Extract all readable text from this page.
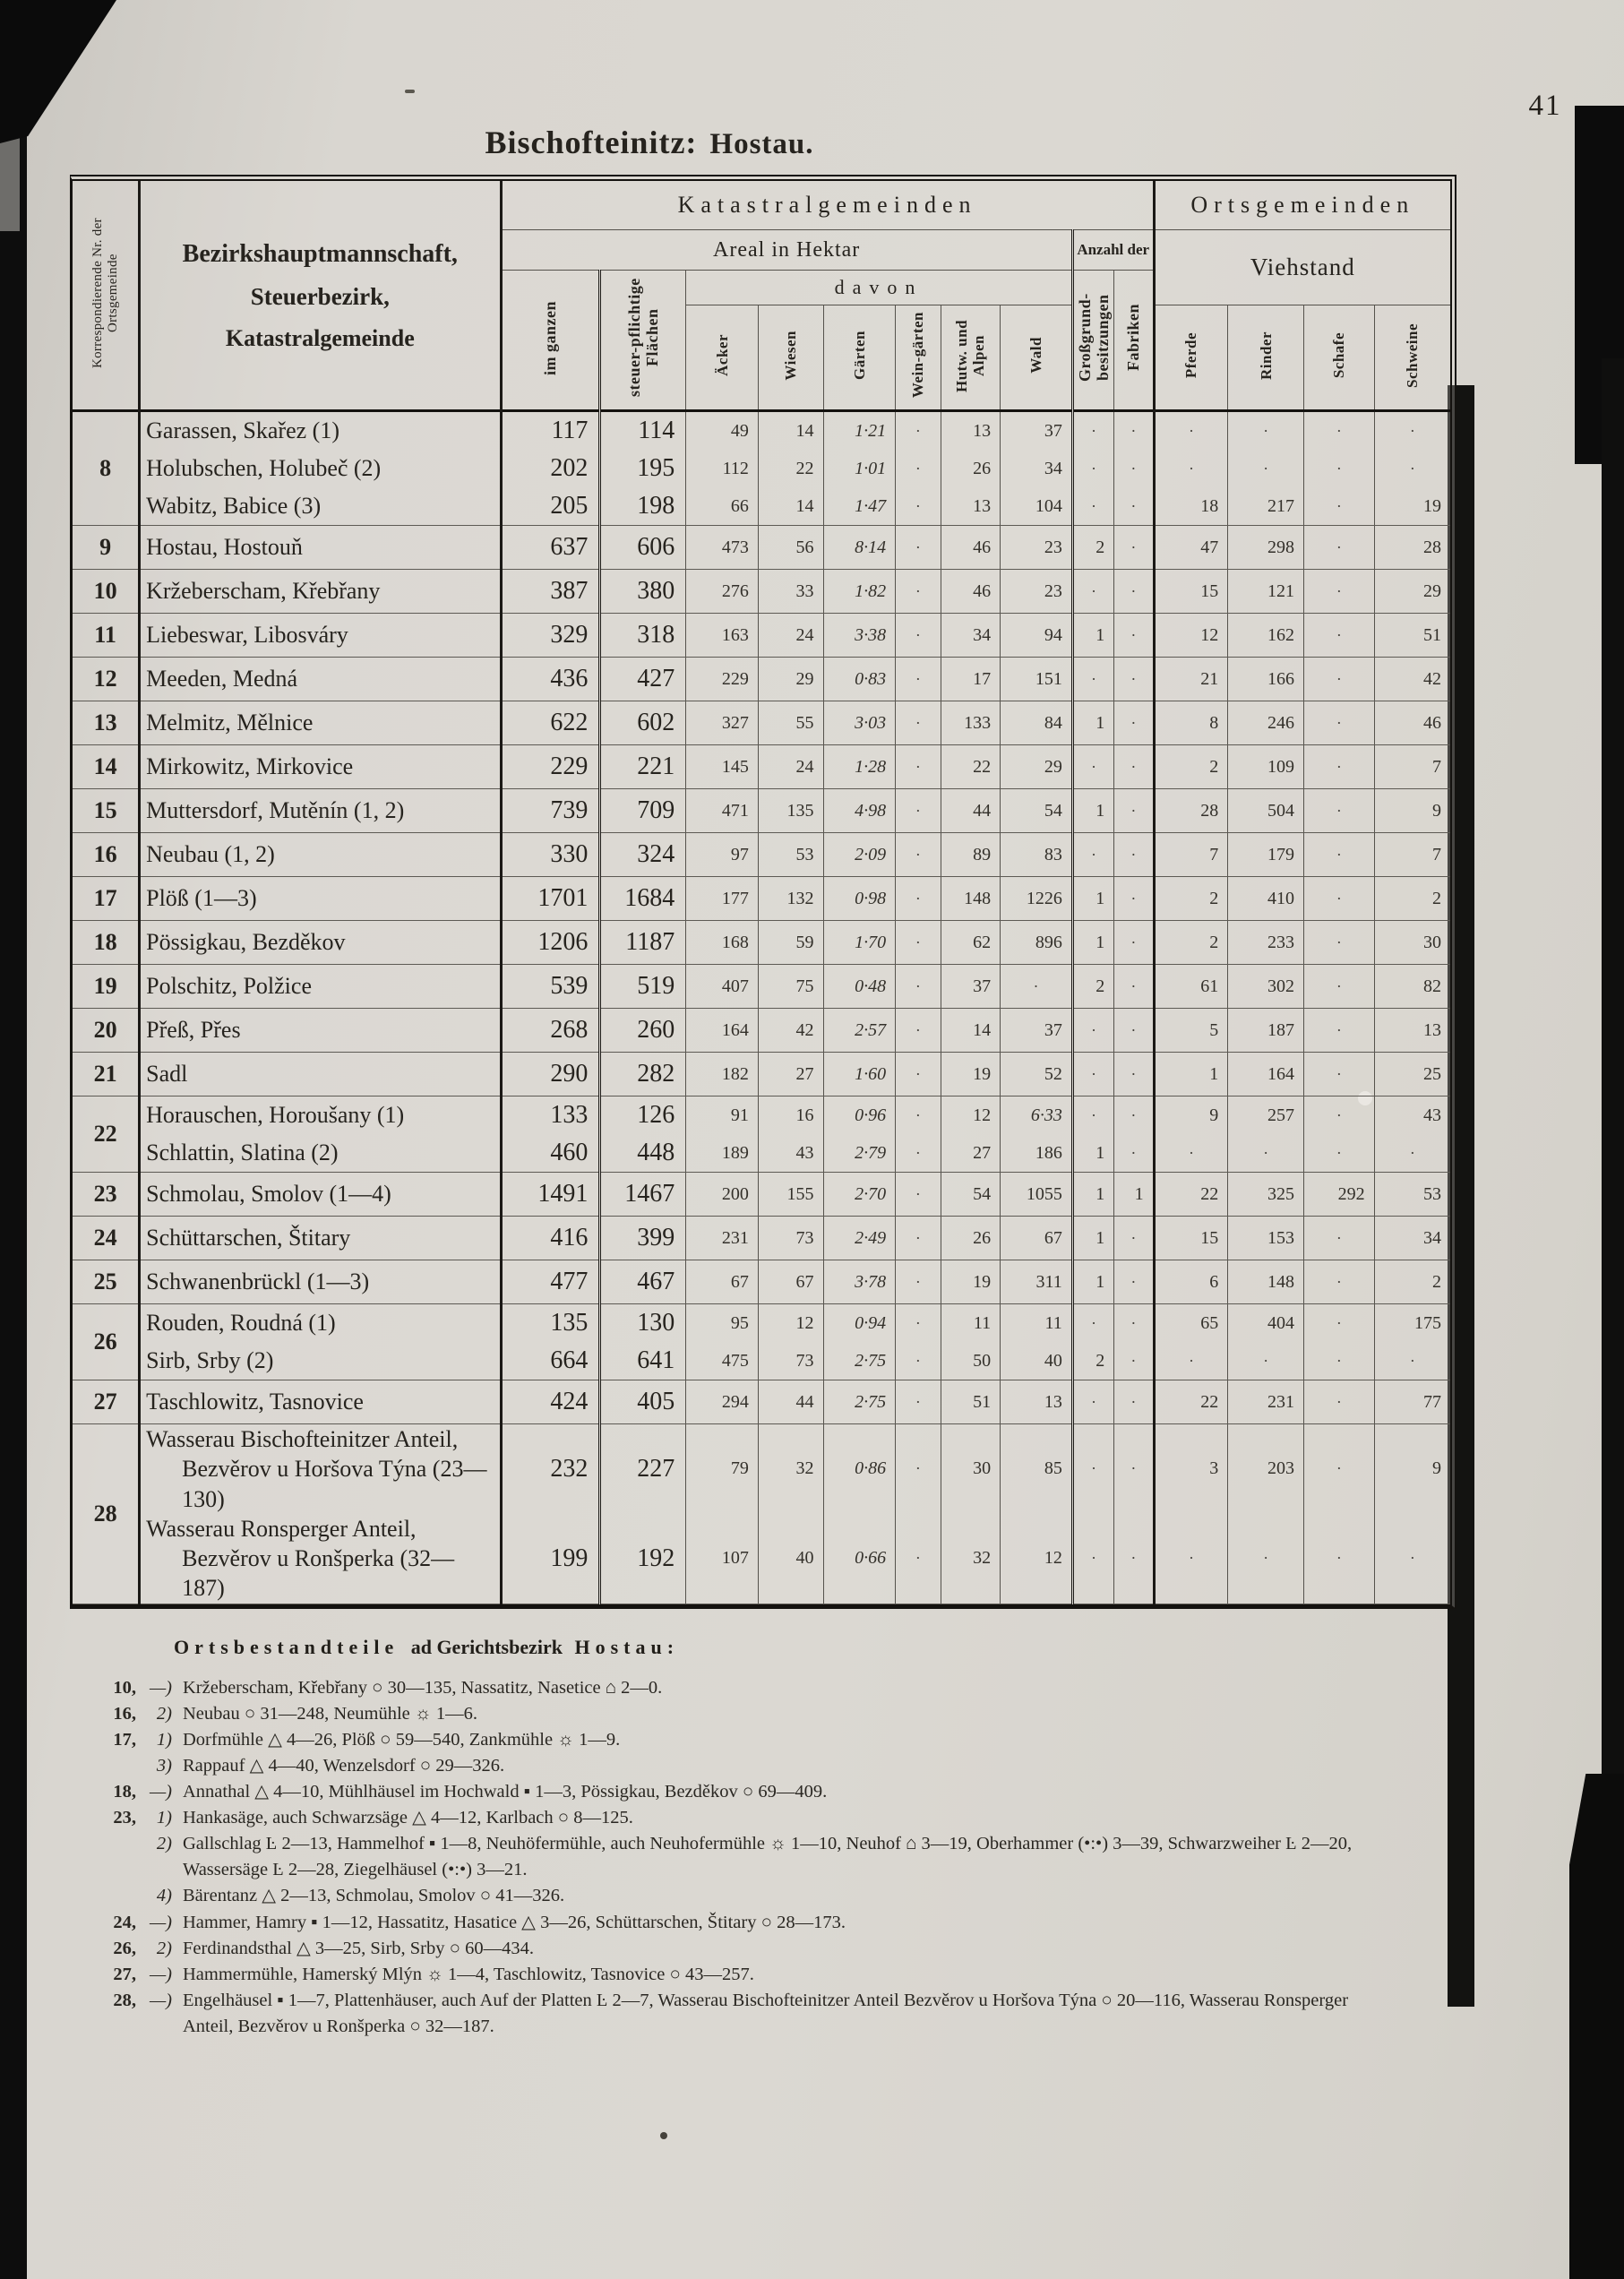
41
Bischofteinitz: Hostau.
Korrespondierende Nr. der Ortsgemeinde	Bezirkshauptmannschaft,
Steuerbezirk,
Katastralgemeinde	Katastralgemeinden										Ortsgemeinden			
		Areal in Hektar								Anzahl der		Viehstand			
		im ganzen	steuer-pflichtige Flächen	davon						Großgrund-besitzungen	Fabriken				
				Äcker	Wiesen	Gärten	Wein-gärten	Hutw. und Alpen	Wald			Pferde	Rinder	Schafe	Schweine
8	Garassen, Skařez (1)	117	114	49	14	1·21	·	13	37	·	·	·	·	·	·
	Holubschen, Holubeč (2)	202	195	112	22	1·01	·	26	34	·	·	·	·	·	·
	Wabitz, Babice (3)	205	198	66	14	1·47	·	13	104	·	·	18	217	·	19
9	Hostau, Hostouň	637	606	473	56	8·14	·	46	23	2	·	47	298	·	28
10	Kržeberscham, Křebřany	387	380	276	33	1·82	·	46	23	·	·	15	121	·	29
11	Liebeswar, Libosváry	329	318	163	24	3·38	·	34	94	1	·	12	162	·	51
12	Meeden, Medná	436	427	229	29	0·83	·	17	151	·	·	21	166	·	42
13	Melmitz, Mělnice	622	602	327	55	3·03	·	133	84	1	·	8	246	·	46
14	Mirkowitz, Mirkovice	229	221	145	24	1·28	·	22	29	·	·	2	109	·	7
15	Muttersdorf, Mutěnín (1, 2)	739	709	471	135	4·98	·	44	54	1	·	28	504	·	9
16	Neubau (1, 2)	330	324	97	53	2·09	·	89	83	·	·	7	179	·	7
17	Plöß (1—3)	1701	1684	177	132	0·98	·	148	1226	1	·	2	410	·	2
18	Pössigkau, Bezděkov	1206	1187	168	59	1·70	·	62	896	1	·	2	233	·	30
19	Polschitz, Polžice	539	519	407	75	0·48	·	37	·	2	·	61	302	·	82
20	Přeß, Přes	268	260	164	42	2·57	·	14	37	·	·	5	187	·	13
21	Sadl	290	282	182	27	1·60	·	19	52	·	·	1	164	·	25
22	Horauschen, Horoušany (1)	133	126	91	16	0·96	·	12	6·33	·	·	9	257	·	43
	Schlattin, Slatina (2)	460	448	189	43	2·79	·	27	186	1	·	·	·	·	·
23	Schmolau, Smolov (1—4)	1491	1467	200	155	2·70	·	54	1055	1	1	22	325	292	53
24	Schüttarschen, Štitary	416	399	231	73	2·49	·	26	67	1	·	15	153	·	34
25	Schwanenbrückl (1—3)	477	467	67	67	3·78	·	19	311	1	·	6	148	·	2
26	Rouden, Roudná (1)	135	130	95	12	0·94	·	11	11	·	·	65	404	·	175
	Sirb, Srby (2)	664	641	475	73	2·75	·	50	40	2	·	·	·	·	·
27	Taschlowitz, Tasnovice	424	405	294	44	2·75	·	51	13	·	·	22	231	·	77
28	Wasserau Bischofteinitzer Anteil, Bezvěrov u Horšova Týna (23—130)	232	227	79	32	0·86	·	30	85	·	·	3	203	·	9
	Wasserau Ronsperger Anteil, Bezvěrov u Ronšperka (32—187)	199	192	107	40	0·66	·	32	12	·	·	·	·	·	·
Ortsbestandteile ad Gerichtsbezirk Hostau:
10, —) Kržeberscham, Křebřany ○ 30—135, Nassatitz, Nasetice ⌂ 2—0.
16,	2) Neubau ○ 31—248, Neumühle ☼ 1—6.
17,	1) Dorfmühle △ 4—26, Plöß ○ 59—540, Zankmühle ☼ 1—9.
3) Rappauf △ 4—40, Wenzelsdorf ○ 29—326.
18, —) Annathal △ 4—10, Mühlhäusel im Hochwald ▪ 1—3, Pössigkau, Bezděkov ○ 69—409.
23,	1) Hankasäge, auch Schwarzsäge △ 4—12, Karlbach ○ 8—125.
2) Gallschlag Ŀ 2—13, Hammelhof ▪ 1—8, Neuhöfermühle, auch Neuhofermühle ☼ 1—10, Neuhof ⌂ 3—19, Oberhammer (•:•) 3—39, Schwarzweiher Ŀ 2—20, Wassersäge Ŀ 2—28, Ziegelhäusel (•:•) 3—21.
4) Bärentanz △ 2—13, Schmolau, Smolov ○ 41—326.
24, —) Hammer, Hamry ▪ 1—12, Hassatitz, Hasatice △ 3—26, Schüttarschen, Štitary ○ 28—173.
26,	2) Ferdinandsthal △ 3—25, Sirb, Srby ○ 60—434.
27, —) Hammermühle, Hamerský Mlýn ☼ 1—4, Taschlowitz, Tasnovice ○ 43—257.
28, —) Engelhäusel ▪ 1—7, Plattenhäuser, auch Auf der Platten Ŀ 2—7, Wasserau Bischofteinitzer Anteil Bezvěrov u Horšova Týna ○ 20—116, Wasserau Ronsperger Anteil, Bezvěrov u Ronšperka ○ 32—187.
